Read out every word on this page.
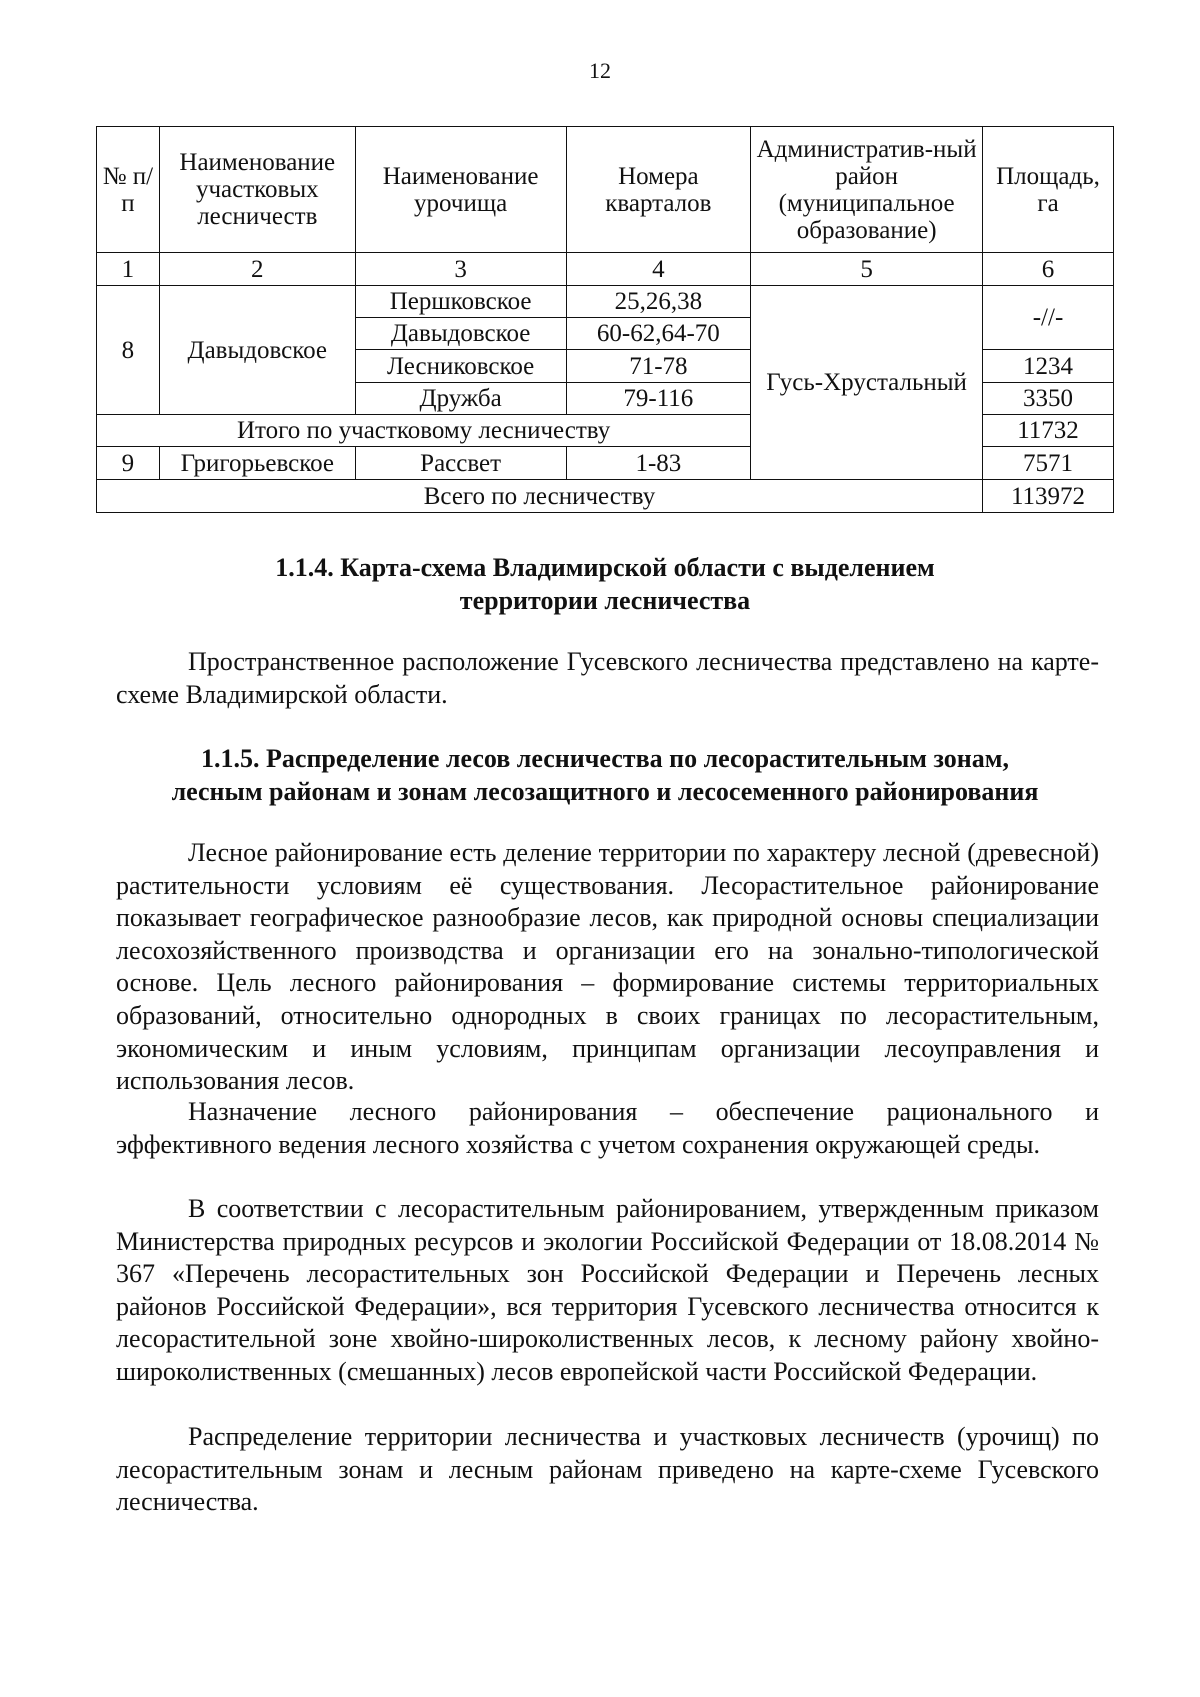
12
№ п/п	Наименование участковых лесничеств	Наименование урочища	Номера кварталов	Административ-ный район (муниципальное образование)	Площадь, га
1	2	3	4	5	6
8	Давыдовское	Першковское	25,26,38	Гусь-Хрустальный	-//-
		Давыдовское	60-62,64-70		
		Лесниковское	71-78		1234
		Дружба	79-116		3350
Итого по участковому лесничеству					11732
9	Григорьевское	Рассвет	1-83		7571
Всего по лесничеству					113972
1.1.4. Карта-схема Владимирской области с выделением
территории лесничества

Пространственное расположение Гусевского лесничества представлено на карте-схеме Владимирской области.

1.1.5. Распределение лесов лесничества по лесорастительным зонам,
лесным районам и зонам лесозащитного и лесосеменного районирования

Лесное районирование есть деление территории по характеру лесной (древесной) растительности условиям её существования. Лесорастительное районирование показывает географическое разнообразие лесов, как природной основы специализации лесохозяйственного производства и организации его на зонально-типологической основе. Цель лесного районирования – формирование системы территориальных образований, относительно однородных в своих границах по лесорастительным, экономическим и иным условиям, принципам организации лесоуправления и использования лесов.

Назначение лесного районирования – обеспечение рационального и эффективного ведения лесного хозяйства с учетом сохранения окружающей среды.

В соответствии с лесорастительным районированием, утвержденным приказом Министерства природных ресурсов и экологии Российской Федерации от 18.08.2014 № 367 «Перечень лесорастительных зон Российской Федерации и Перечень лесных районов Российской Федерации», вся территория Гусевского лесничества относится к лесорастительной зоне хвойно-широколиственных лесов, к лесному району хвойно-широколиственных (смешанных) лесов европейской части Российской Федерации.

Распределение территории лесничества и участковых лесничеств (урочищ) по лесорастительным зонам и лесным районам приведено на карте-схеме Гусевского лесничества.
